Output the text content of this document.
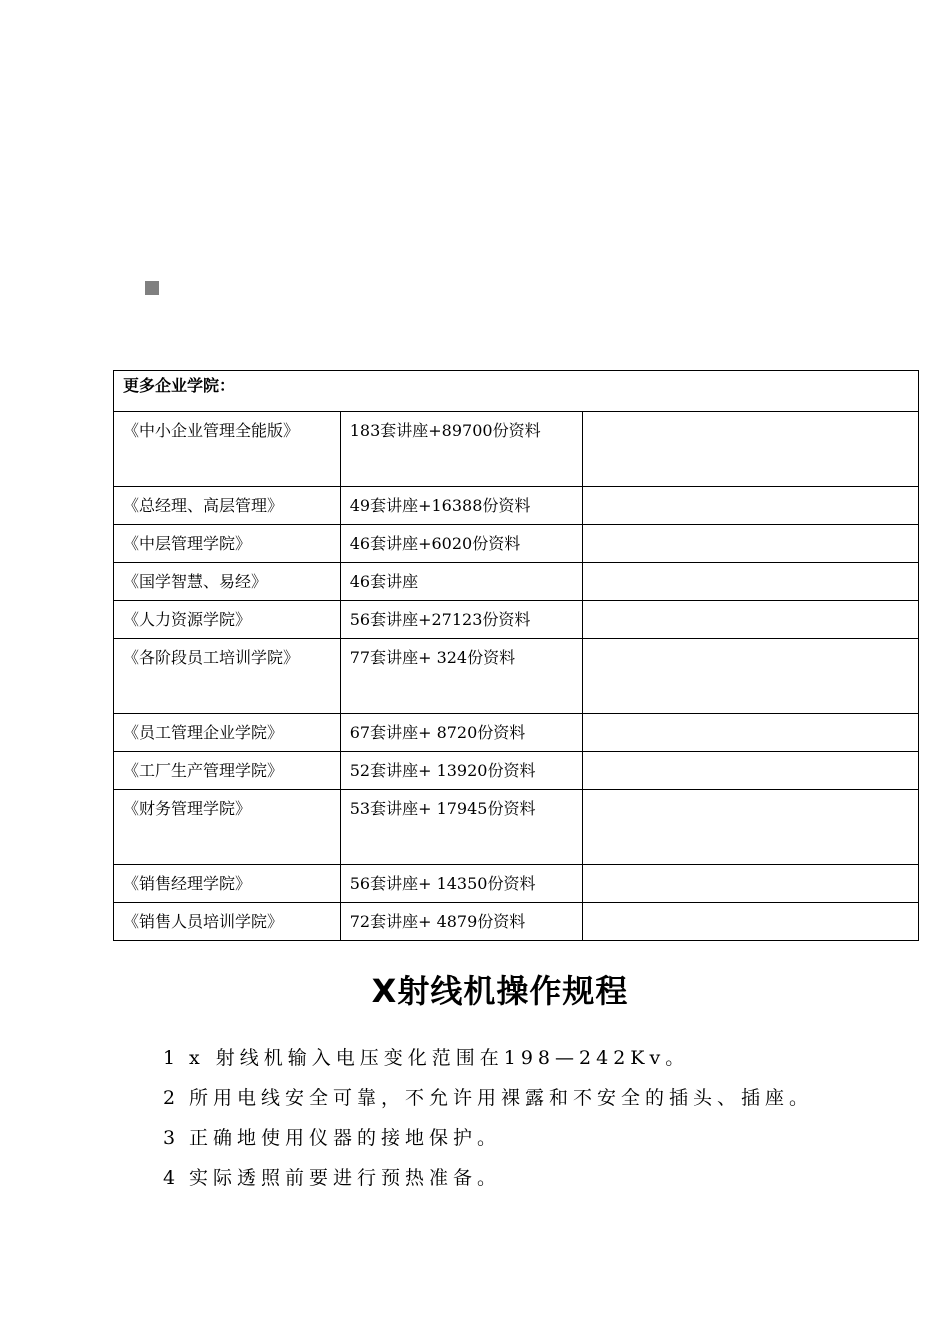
更多企业学院：		
《中小企业管理全能版》	183套讲座+89700份资料	
《总经理、高层管理》	49套讲座+16388份资料	
《中层管理学院》	46套讲座+6020份资料	
《国学智慧、易经》	46套讲座	
《人力资源学院》	56套讲座+27123份资料	
《各阶段员工培训学院》	77套讲座+ 324份资料	
《员工管理企业学院》	67套讲座+ 8720份资料	
《工厂生产管理学院》	52套讲座+ 13920份资料	
《财务管理学院》	53套讲座+ 17945份资料	
《销售经理学院》	56套讲座+ 14350份资料	
《销售人员培训学院》	72套讲座+ 4879份资料	
X射线机操作规程
1 x 射线机输入电压变化范围在198—242Kv。
2 所用电线安全可靠，不允许用裸露和不安全的插头、插座。
3 正确地使用仪器的接地保护。
4 实际透照前要进行预热准备。
